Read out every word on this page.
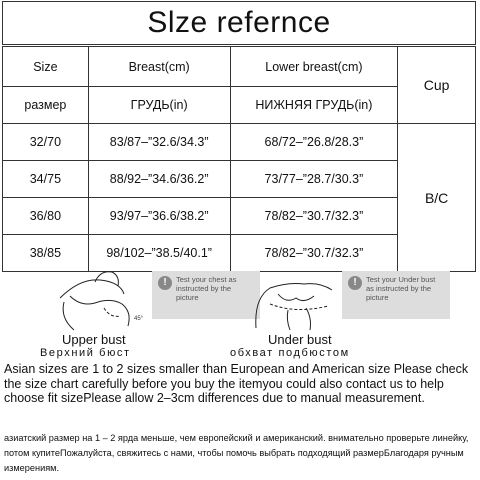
Slze refernce
Size	Breast(cm)	Lower breast(cm)	Cup
размер	ГРУДЬ(in)	НИЖНЯЯ ГРУДЬ(in)	
32/70	83/87–”32.6/34.3”	68/72–”26.8/28.3”	B/C
34/75	88/92–”34.6/36.2”	73/77–”28.7/30.3”	
36/80	93/97–”36.6/38.2”	78/82–”30.7/32.3”	
38/85	98/102–”38.5/40.1”	78/82–”30.7/32.3”	
45°
!	Test your chest as instructed by the picture
Upper bust
Верхний бюст
!	Test your Under bust as instructed by the picture
Under bust
обхват подбюстом
Asian sizes are 1 to 2 sizes smaller than European and American size Please check the size chart carefully before you buy the itemyou could also contact us to help choose fit sizePlease allow 2–3cm differences due to manual measurement.
азиатский размер на 1 – 2 ярда меньше, чем европейский и американский. внимательно проверьте линейку, потом купитеПожалуйста, свяжитесь с нами, чтобы помочь выбрать подходящий размерБлагодаря ручным измерениям.
